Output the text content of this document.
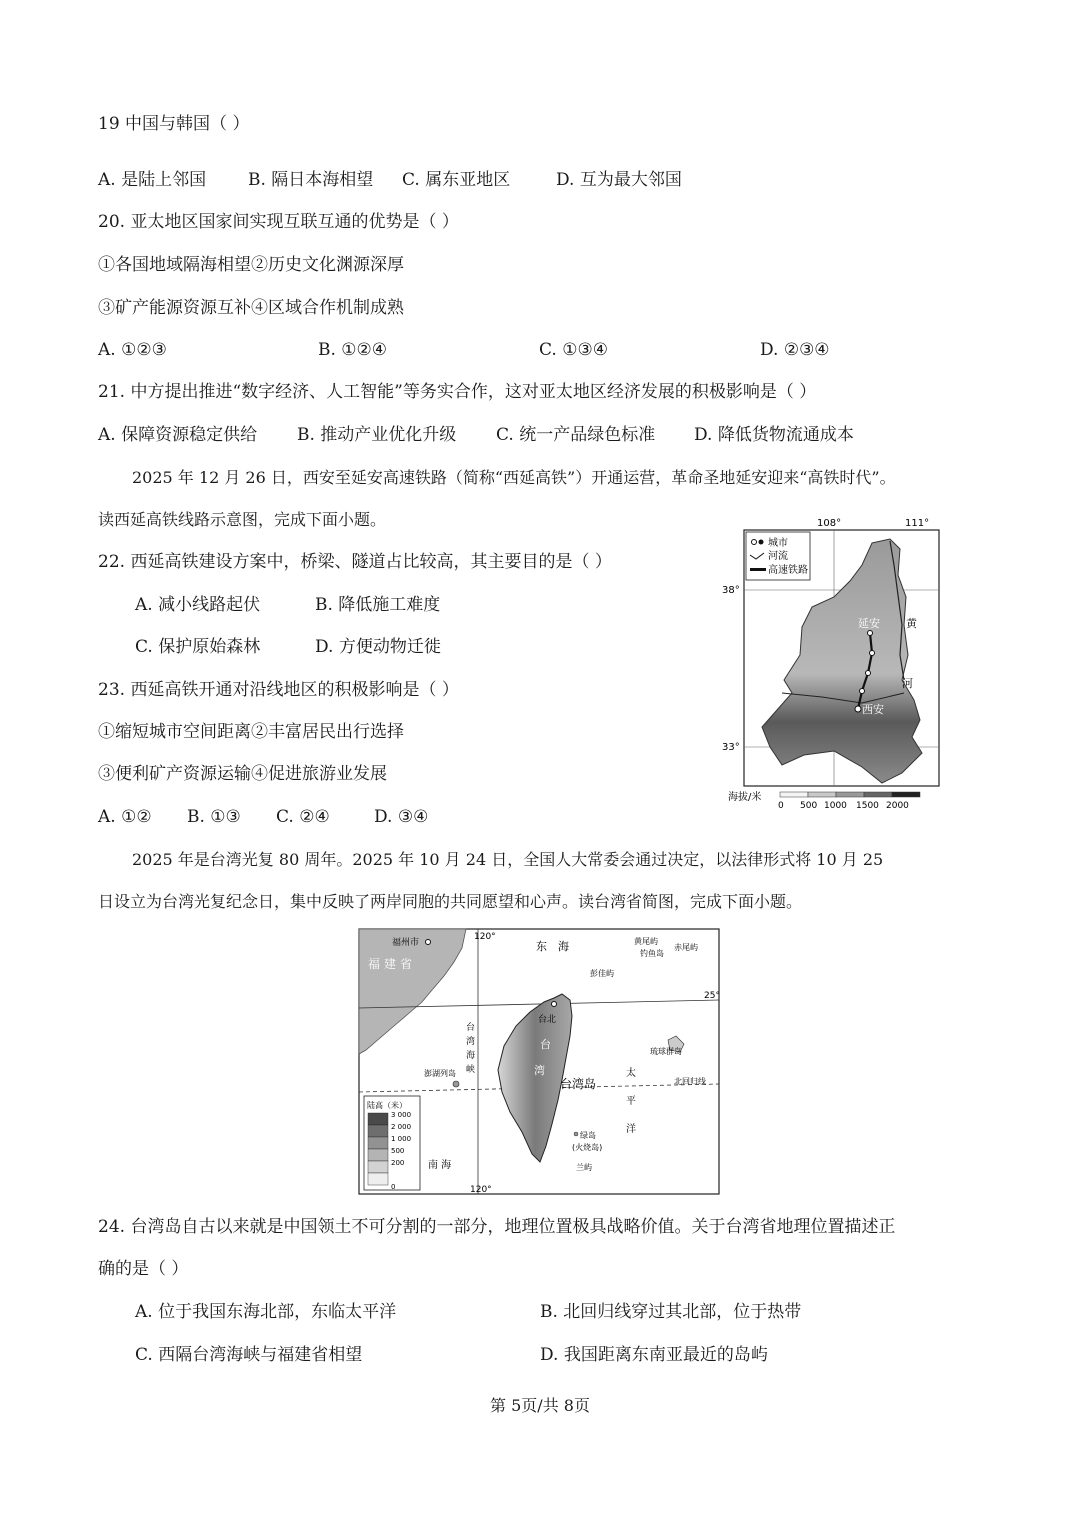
19 中国与韩国（ ）
A. 是陆上邻国 B. 隔日本海相望 C. 属东亚地区	D. 互为最大邻国
20. 亚太地区国家间实现互联互通的优势是（ ）
①各国地域隔海相望②历史文化渊源深厚
③矿产能源资源互补④区域合作机制成熟
A. ①②③	B. ①②④	C. ①③④	D. ②③④
21. 中方提出推进“数字经济、人工智能”等务实合作，这对亚太地区经济发展的积极影响是（ ）
A. 保障资源稳定供给 B. 推动产业优化升级 C. 统一产品绿色标准 D. 降低货物流通成本
2025 年 12 月 26 日，西安至延安高速铁路（简称“西延高铁”）开通运营，革命圣地延安迎来“高铁时代”。
读西延高铁线路示意图，完成下面小题。
22. 西延高铁建设方案中，桥梁、隧道占比较高，其主要目的是（ ）
A. 减小线路起伏	B. 降低施工难度
C. 保护原始森林	D. 方便动物迁徙
23. 西延高铁开通对沿线地区的积极影响是（ ）
①缩短城市空间距离②丰富居民出行选择
③便利矿产资源运输④促进旅游业发展
A. ①② B. ①③ C. ②④	D. ③④
108°	111°
38°
33°
延安
西安
黄
河
城市
河流
高速铁路
海拔/米
0 500 1000 1500 2000
2025 年是台湾光复 80 周年。2025 年 10 月 24 日，全国人大常委会通过决定，以法律形式将 10 月 25
日设立为台湾光复纪念日，集中反映了两岸同胞的共同愿望和心声。读台湾省简图，完成下面小题。
120°
120°
25°
福州市
福 建 省
东 海	黄尾屿
赤尾屿
钓鱼岛
彭佳屿
台北
台
湾
海
峡
澎湖列岛
台
湾
台湾岛
太
平
洋
琉球群岛
北回归线
南 海
绿岛
(火烧岛)
兰屿
陆高（米）
3 000
2 000
1 000
500
200
0
24. 台湾岛自古以来就是中国领土不可分割的一部分，地理位置极具战略价值。关于台湾省地理位置描述正
确的是（ ）
A. 位于我国东海北部，东临太平洋	B. 北回归线穿过其北部，位于热带
C. 西隔台湾海峡与福建省相望	D. 我国距离东南亚最近的岛屿
第 5页/共 8页
